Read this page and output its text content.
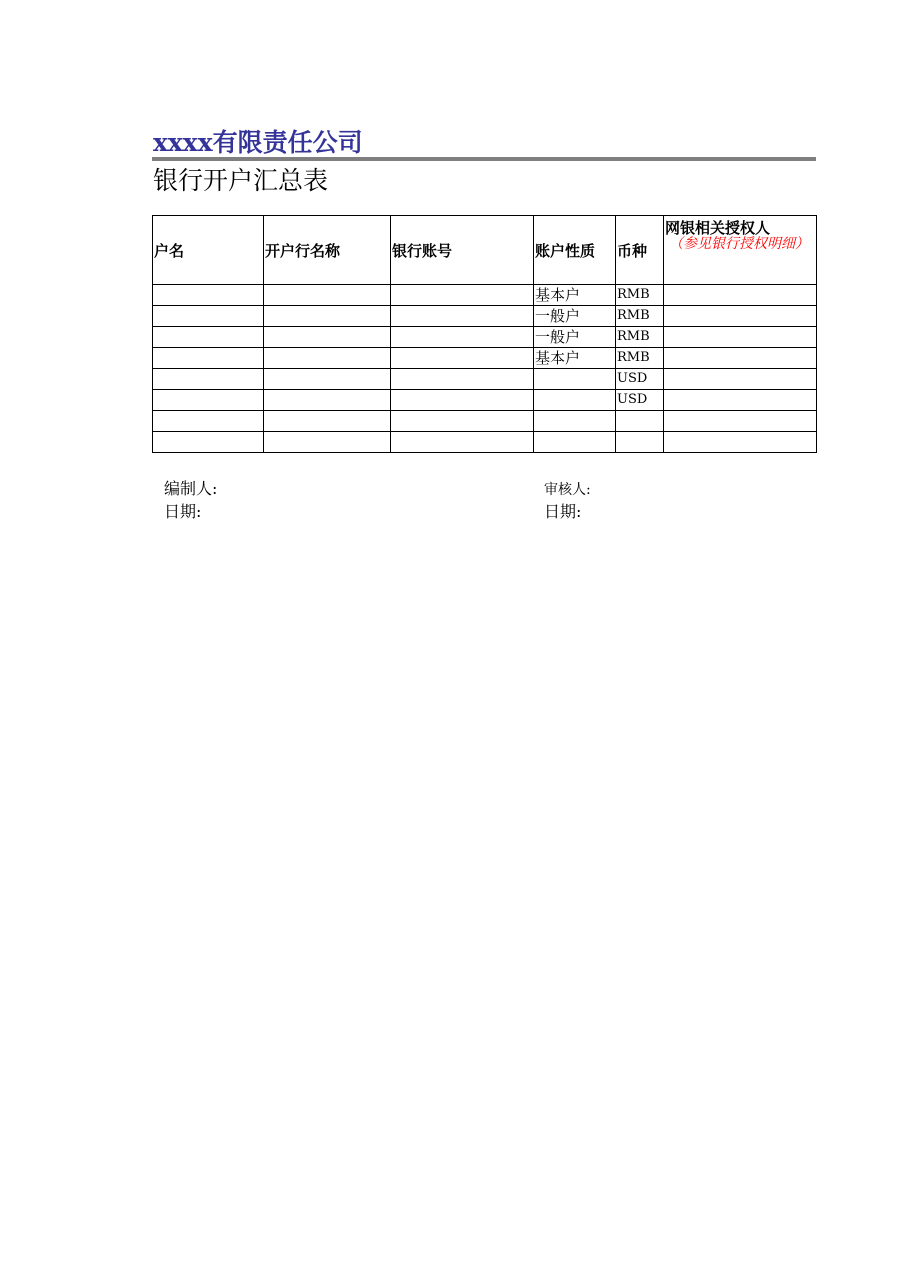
xxxx有限责任公司
银行开户汇总表
户名	开户行名称	银行账号	账户性质	币种	网银相关授权人
（参见银行授权明细）

			基本户	RMB	
			一般户	RMB	
			一般户	RMB	
			基本户	RMB	
				USD	
				USD	

编制人:
日期:
审核人:
日期:
